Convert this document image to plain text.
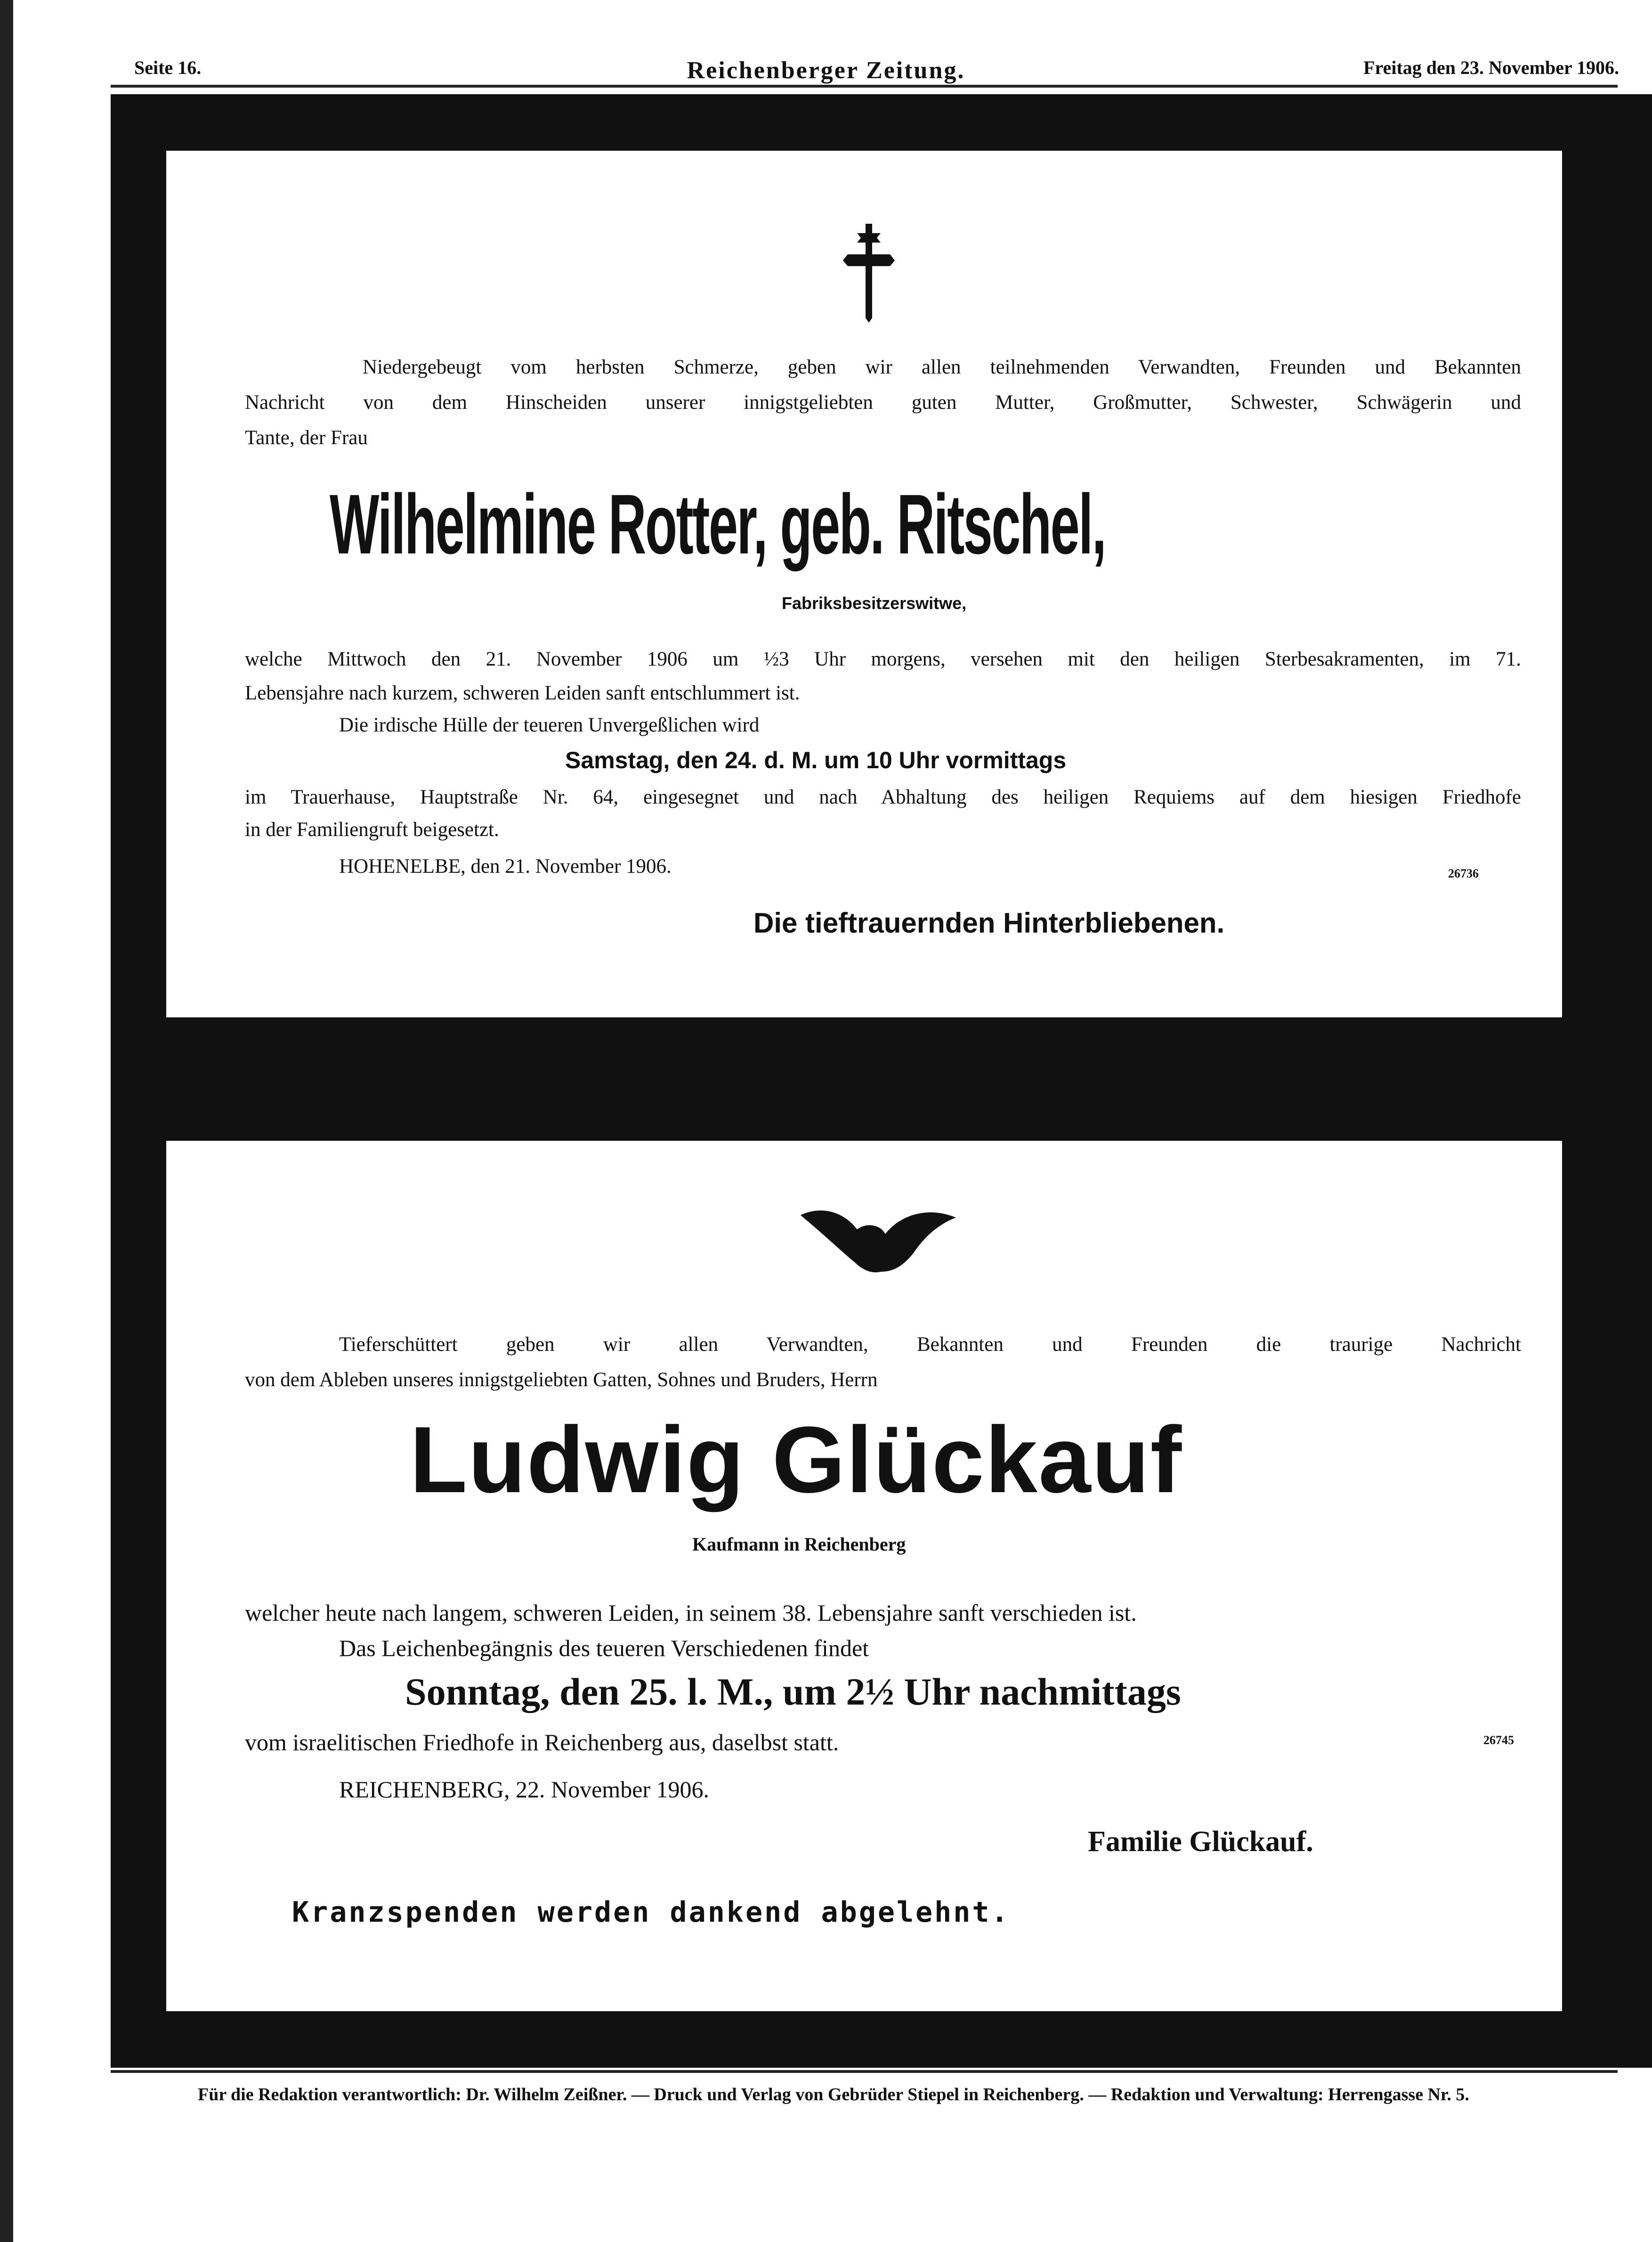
Seite 16.	Reichenberger Zeitung.	Freitag den 23. November 1906.
Niedergebeugt vom herbsten Schmerze, geben wir allen teilnehmenden Verwandten, Freunden und Bekannten
Nachricht von dem Hinscheiden unserer innigstgeliebten guten Mutter, Großmutter, Schwester, Schwägerin und
Tante, der Frau
Wilhelmine Rotter, geb. Ritschel,
Fabriksbesitzerswitwe,
welche Mittwoch den 21. November 1906 um ½3 Uhr morgens, versehen mit den heiligen Sterbesakramenten, im 71.
Lebensjahre nach kurzem, schweren Leiden sanft entschlummert ist.
Die irdische Hülle der teueren Unvergeßlichen wird
Samstag, den 24. d. M. um 10 Uhr vormittags
im Trauerhause, Hauptstraße Nr. 64, eingesegnet und nach Abhaltung des heiligen Requiems auf dem hiesigen Friedhofe
in der Familiengruft beigesetzt.
HOHENELBE, den 21. November 1906.	26736
Die tieftrauernden Hinterbliebenen.
Tieferschüttert geben wir allen Verwandten, Bekannten und Freunden die traurige Nachricht
von dem Ableben unseres innigstgeliebten Gatten, Sohnes und Bruders, Herrn
Ludwig Glückauf
Kaufmann in Reichenberg
welcher heute nach langem, schweren Leiden, in seinem 38. Lebensjahre sanft verschieden ist.
Das Leichenbegängnis des teueren Verschiedenen findet
Sonntag, den 25. l. M., um 2½ Uhr nachmittags
vom israelitischen Friedhofe in Reichenberg aus, daselbst statt.	26745
REICHENBERG, 22. November 1906.
Familie Glückauf.
Kranzspenden werden dankend abgelehnt.
Für die Redaktion verantwortlich: Dr. Wilhelm Zeißner. — Druck und Verlag von Gebrüder Stiepel in Reichenberg. — Redaktion und Verwaltung: Herrengasse Nr. 5.
